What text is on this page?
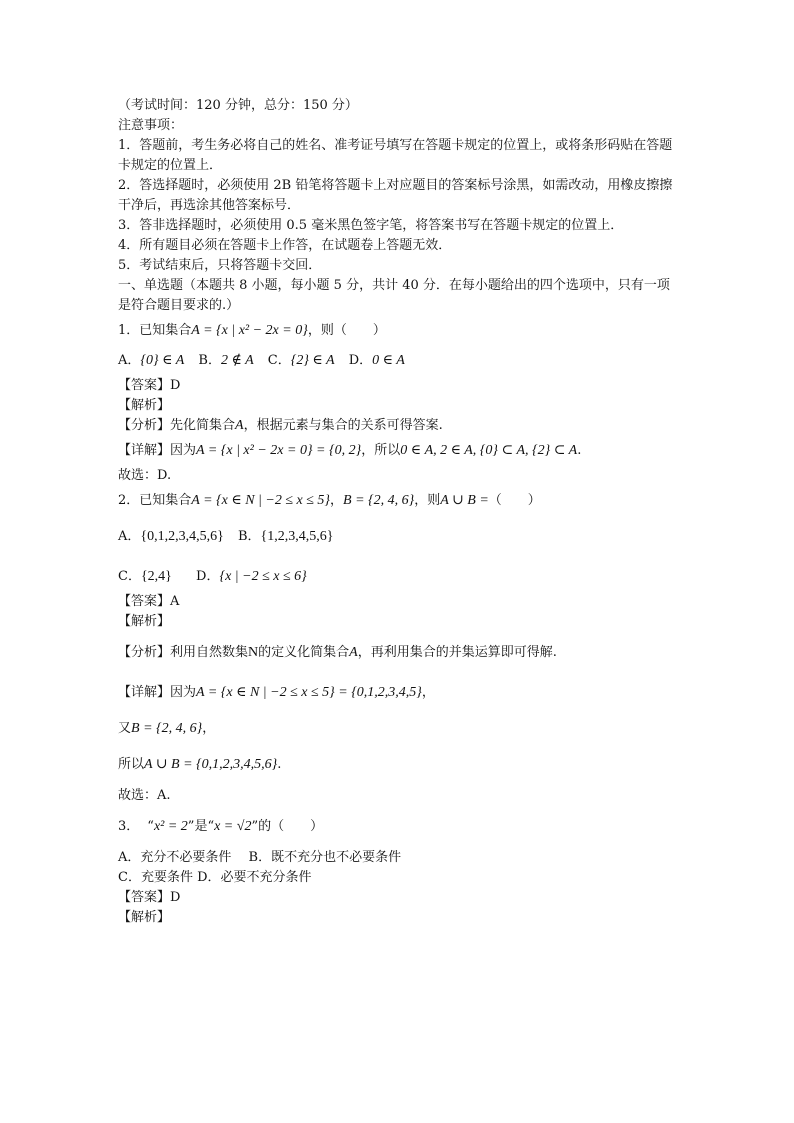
（考试时间：120 分钟，总分：150 分）
注意事项：
1．答题前，考生务必将自己的姓名、准考证号填写在答题卡规定的位置上，或将条形码贴在答题卡规定的位置上．
2．答选择题时，必须使用 2B 铅笔将答题卡上对应题目的答案标号涂黑，如需改动，用橡皮擦擦干净后，再选涂其他答案标号．
3．答非选择题时，必须使用 0.5 毫米黑色签字笔，将答案书写在答题卡规定的位置上．
4．所有题目必须在答题卡上作答，在试题卷上答题无效．
5．考试结束后，只将答题卡交回．
一、单选题（本题共 8 小题，每小题 5 分，共计 40 分．在每小题给出的四个选项中，只有一项是符合题目要求的.）
1．已知集合A = {x | x² − 2x = 0}，则（　　）
A．{0} ∈ A B．2 ∉ A C．{2} ∈ A D．0 ∈ A
【答案】D
【解析】
【分析】先化简集合A，根据元素与集合的关系可得答案.
【详解】因为A = {x | x² − 2x = 0} = {0, 2}，所以0 ∈ A, 2 ∈ A, {0} ⊂ A, {2} ⊂ A.
故选：D.
2．已知集合A = {x ∈ N | −2 ≤ x ≤ 5}，B = {2, 4, 6}，则A ∪ B =（　　）
A．{0,1,2,3,4,5,6} B．{1,2,3,4,5,6}
C．{2,4} D．{x | −2 ≤ x ≤ 6}
【答案】A
【解析】
【分析】利用自然数集N的定义化简集合A，再利用集合的并集运算即可得解.
【详解】因为A = {x ∈ N | −2 ≤ x ≤ 5} = {0,1,2,3,4,5}，
又B = {2, 4, 6}，
所以A ∪ B = {0,1,2,3,4,5,6}.
故选：A.
3． “x² = 2”是“x = √2”的（　　）
A．充分不必要条件　 B．既不充分也不必要条件
C．充要条件 D．必要不充分条件
【答案】D
【解析】
